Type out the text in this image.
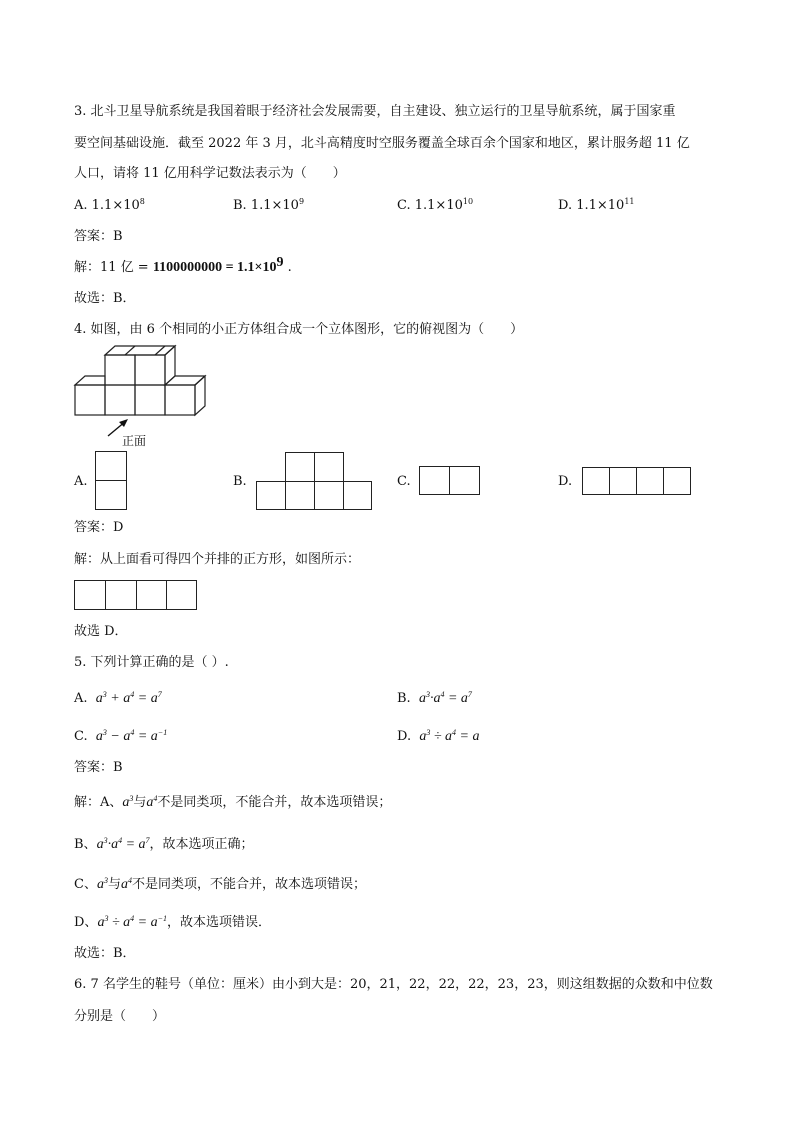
3. 北斗卫星导航系统是我国着眼于经济社会发展需要，自主建设、独立运行的卫星导航系统，属于国家重
要空间基础设施．截至 2022 年 3 月，北斗高精度时空服务覆盖全球百余个国家和地区，累计服务超 11 亿
人口，请将 11 亿用科学记数法表示为（　　）
A. $1.1\times 10^8$	B. $1.1\times 10^9$	C. $1.1\times 10^{10}$	D. $1.1\times 10^{11}$
答案：B
解：11 亿 = $1100000000 = 1.1\times 10^9$ .
故选：B．
4. 如图，由 6 个相同的小正方体组合成一个立体图形，它的俯视图为（　　）
正面
A.	B.	C.	D.
答案：D
解：从上面看可得四个并排的正方形，如图所示：
故选 D．
5. 下列计算正确的是（ ）.
A. $a^3 + a^4 = a^7$	B. $a^3\cdot a^4 = a^7$
C. $a^3 - a^4 = a^{-1}$	D. $a^3 \div a^4 = a$
答案：B
解：A、$a^3$与$a^4$不是同类项，不能合并，故本选项错误；
B、$a^3\cdot a^4 = a^7$，故本选项正确；
C、$a^3$与$a^4$不是同类项，不能合并，故本选项错误；
D、$a^3 \div a^4 = a^{-1}$，故本选项错误．
故选：B．
6. 7 名学生的鞋号（单位：厘米）由小到大是：20，21，22，22，22，23，23，则这组数据的众数和中位数
分别是（　　）
